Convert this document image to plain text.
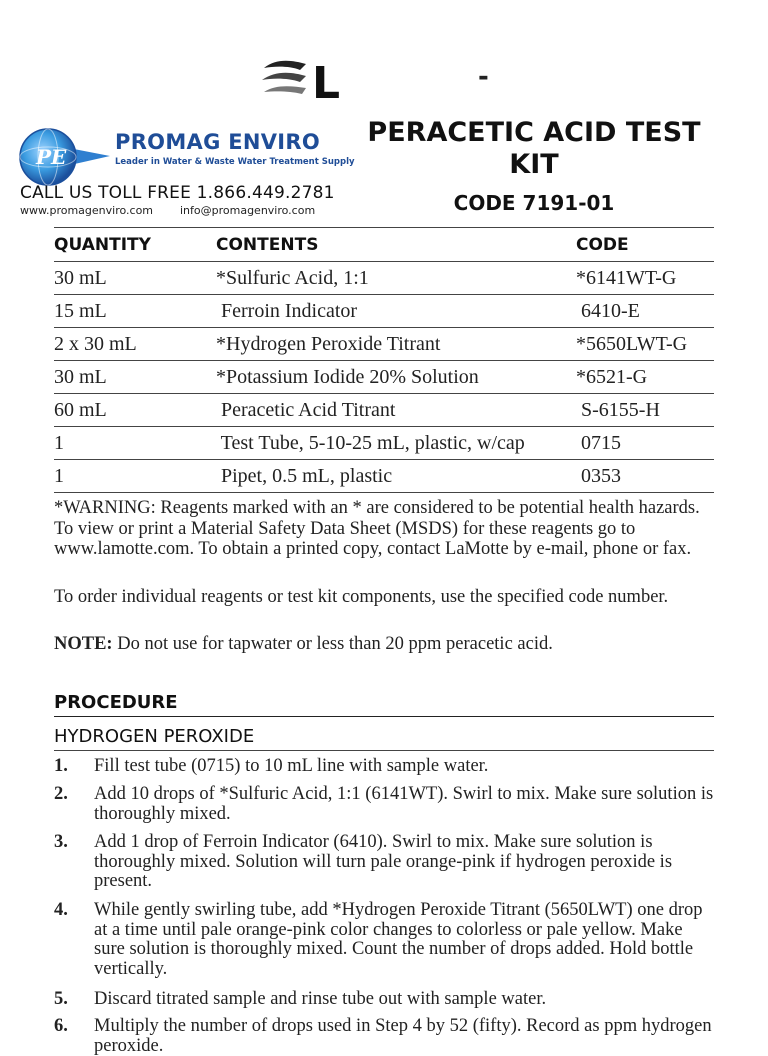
L	-
PE
PROMAG ENVIRO
Leader in Water & Waste Water Treatment Supply
CALL US TOLL FREE 1.866.449.2781
www.promagenviro.com info@promagenviro.com
PERACETIC ACID TEST
KIT
CODE 7191-01
QUANTITY	CONTENTS	CODE
30 mL	*Sulfuric Acid, 1:1	*6141WT-G
15 mL	Ferroin Indicator	6410-E
2 x 30 mL	*Hydrogen Peroxide Titrant	*5650LWT-G
30 mL	*Potassium Iodide 20% Solution	*6521-G
60 mL	Peracetic Acid Titrant	S-6155-H
1	Test Tube, 5-10-25 mL, plastic, w/cap	0715
1	Pipet, 0.5 mL, plastic	0353
*WARNING: Reagents marked with an * are considered to be potential health hazards. To view or print a Material Safety Data Sheet (MSDS) for these reagents go to www.lamotte.com. To obtain a printed copy, contact LaMotte by e-mail, phone or fax.
To order individual reagents or test kit components, use the specified code number.
NOTE: Do not use for tapwater or less than 20 ppm peracetic acid.
PROCEDURE
HYDROGEN PEROXIDE
1. Fill test tube (0715) to 10 mL line with sample water.
2. Add 10 drops of *Sulfuric Acid, 1:1 (6141WT). Swirl to mix. Make sure solution is thoroughly mixed.
3. Add 1 drop of Ferroin Indicator (6410). Swirl to mix. Make sure solution is thoroughly mixed. Solution will turn pale orange-pink if hydrogen peroxide is present.
4. While gently swirling tube, add *Hydrogen Peroxide Titrant (5650LWT) one drop at a time until pale orange-pink color changes to colorless or pale yellow. Make sure solution is thoroughly mixed. Count the number of drops added. Hold bottle vertically.
5. Discard titrated sample and rinse tube out with sample water.
6. Multiply the number of drops used in Step 4 by 52 (fifty). Record as ppm hydrogen peroxide.
